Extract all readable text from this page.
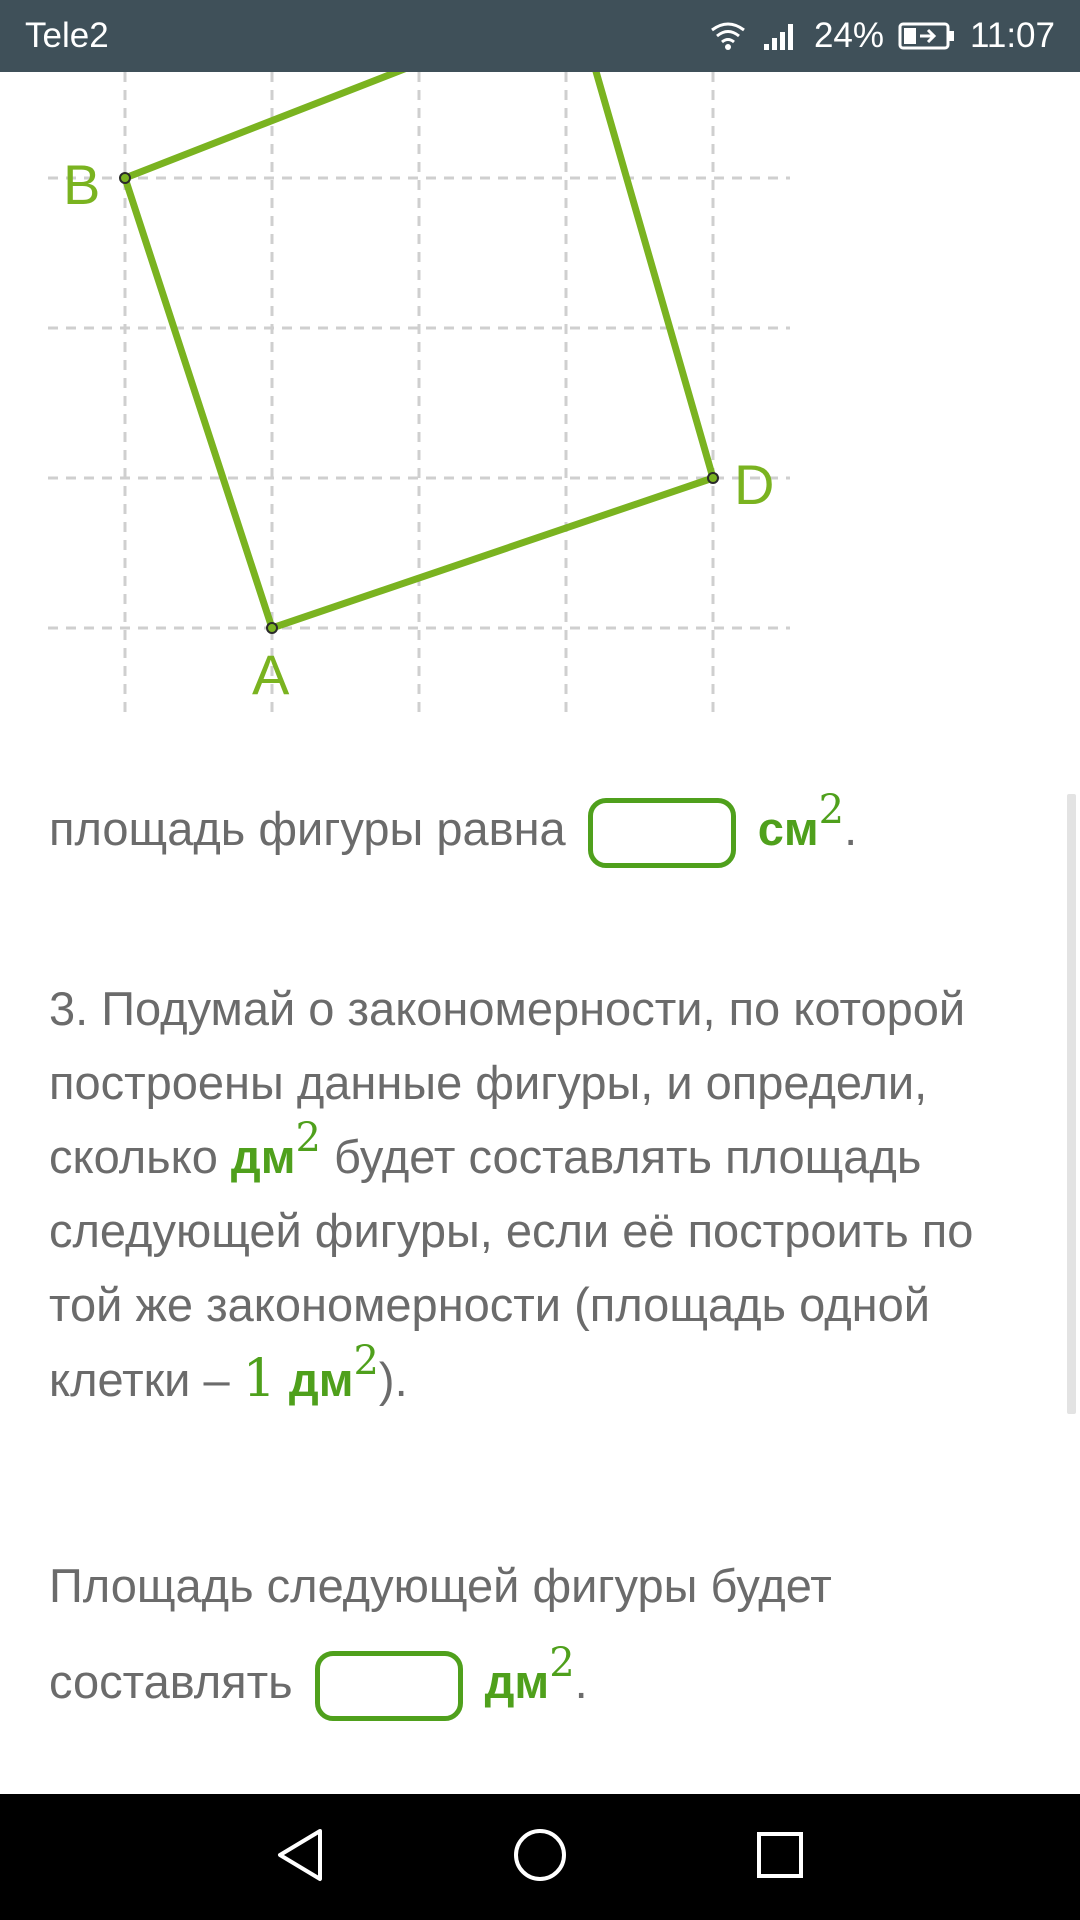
Tele2	24% 11:07
B
D
A
площадь фигуры равна	$см^2$.
3. Подумай о закономерности, по которой построены данные фигуры, и определи, сколько $дм^2$ будет составлять площадь следующей фигуры, если её построить по той же закономерности (площадь одной клетки – 1 $дм^2$).
Площадь следующей фигуры будет составлять	$дм^2$.
